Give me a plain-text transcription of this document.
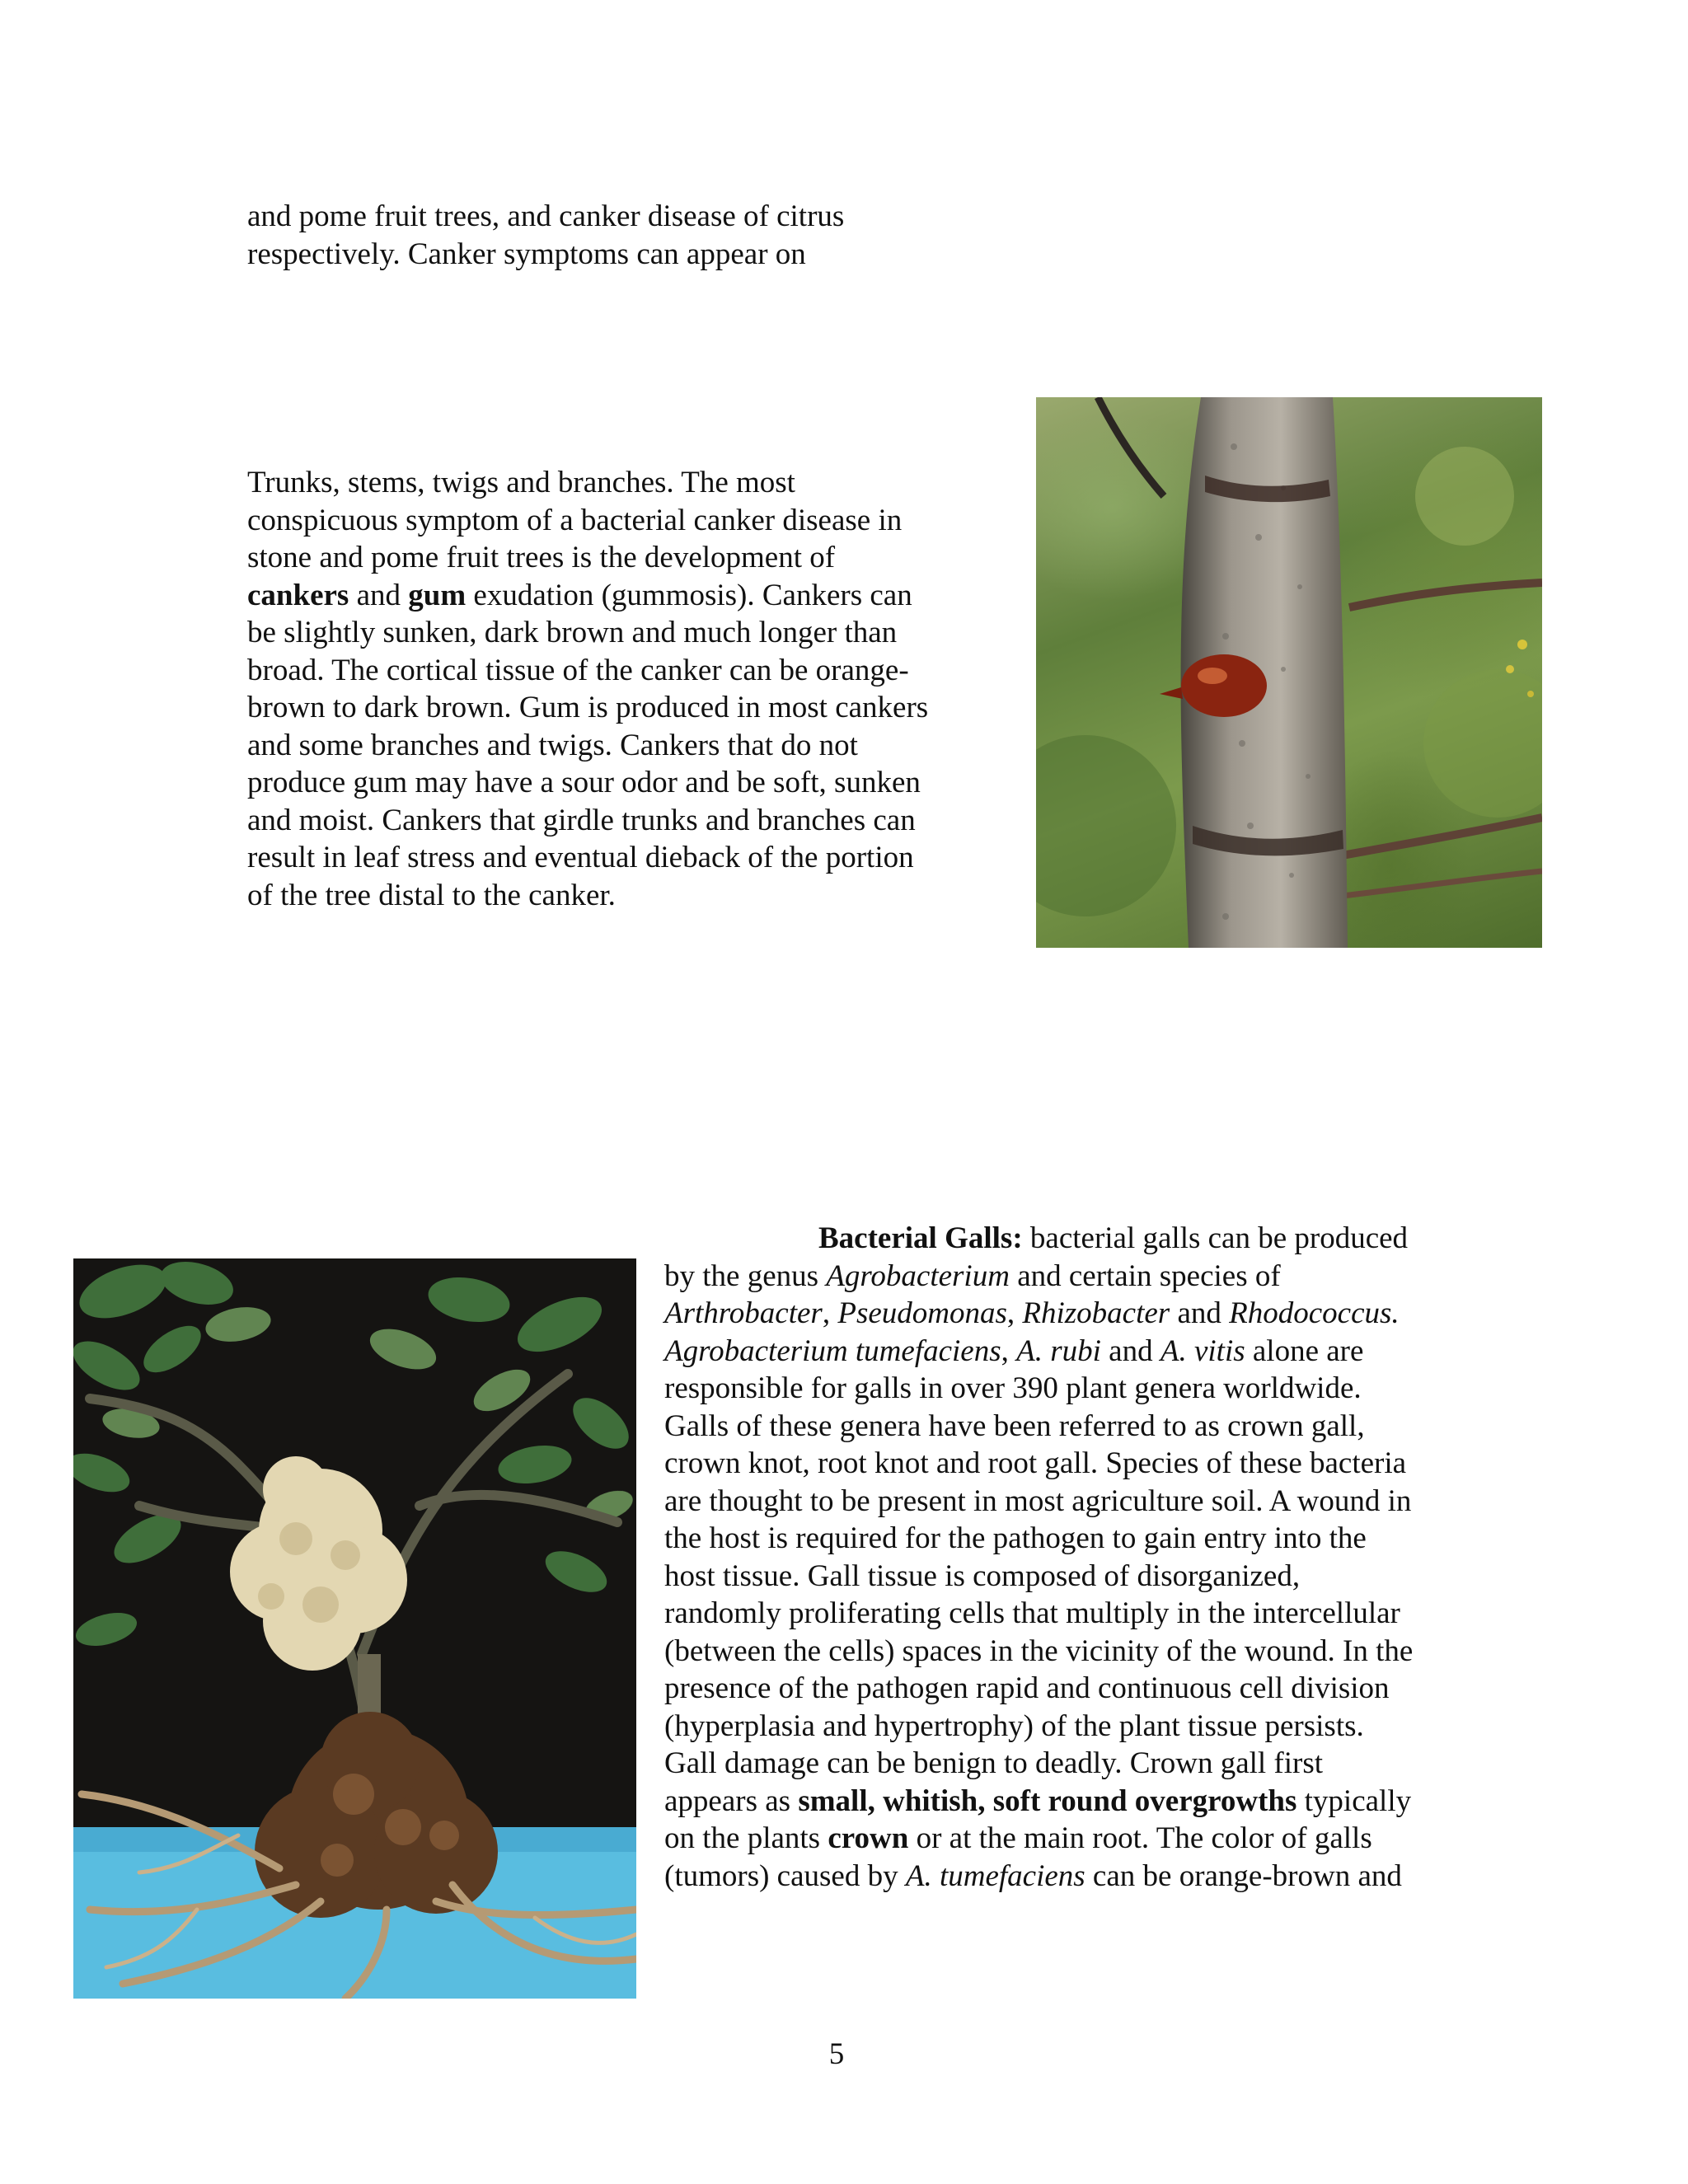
and pome fruit trees, and canker disease of citrus
respectively. Canker symptoms can appear on

Trunks, stems, twigs and branches. The most
conspicuous symptom of a bacterial canker disease in
stone and pome fruit trees is the development of
cankers and gum exudation (gummosis). Cankers can
be slightly sunken, dark brown and much longer than
broad. The cortical tissue of the canker can be orange-
brown to dark brown. Gum is produced in most cankers
and some branches and twigs. Cankers that do not
produce gum may have a sour odor and be soft, sunken
and moist. Cankers that girdle trunks and branches can
result in leaf stress and eventual dieback of the portion
of the tree distal to the canker.

Bacterial Galls: bacterial galls can be produced
by the genus Agrobacterium and certain species of
Arthrobacter, Pseudomonas, Rhizobacter and Rhodococcus.
Agrobacterium tumefaciens, A. rubi and A. vitis alone are
responsible for galls in over 390 plant genera worldwide.
Galls of these genera have been referred to as crown gall,
crown knot, root knot and root gall. Species of these bacteria
are thought to be present in most agriculture soil. A wound in
the host is required for the pathogen to gain entry into the
host tissue. Gall tissue is composed of disorganized,
randomly proliferating cells that multiply in the intercellular
(between the cells) spaces in the vicinity of the wound. In the
presence of the pathogen rapid and continuous cell division
(hyperplasia and hypertrophy) of the plant tissue persists.
Gall damage can be benign to deadly. Crown gall first
appears as small, whitish, soft round overgrowths typically
on the plants crown or at the main root. The color of galls
(tumors) caused by A. tumefaciens can be orange-brown and

5
